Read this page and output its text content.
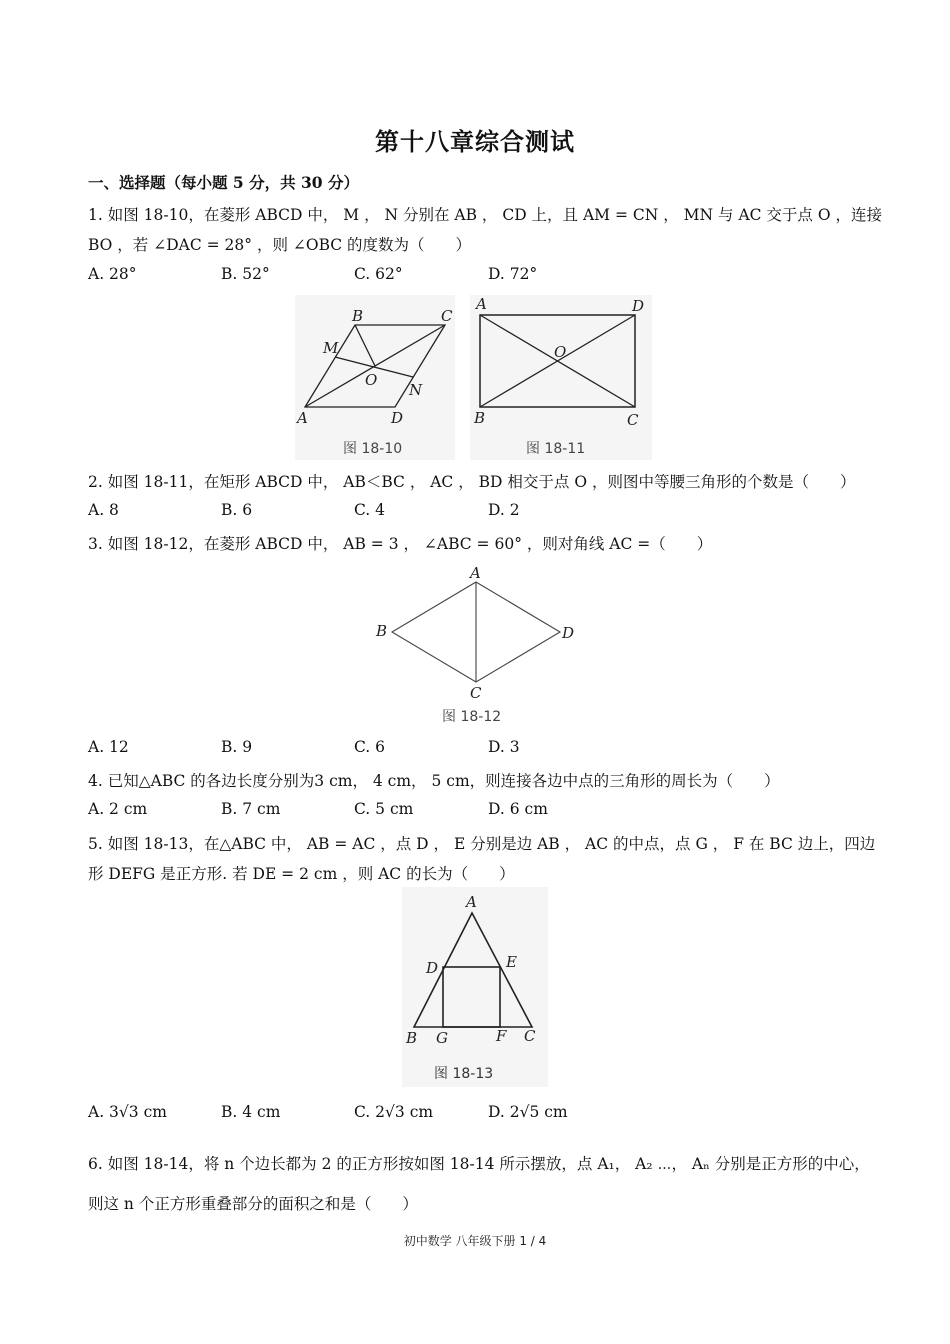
第十八章综合测试
一、选择题（每小题 5 分，共 30 分）
1. 如图 18-10，在菱形 ABCD 中， M ， N 分别在 AB ， CD 上，且 AM = CN ， MN 与 AC 交于点 O ，连接
BO ，若 ∠DAC = 28° ，则 ∠OBC 的度数为（　　）
A. 28°	B. 52°	C. 62°	D. 72°
B	C
M
O
N
A	D
图 18-10
A	D
O
B	C
图 18-11
2. 如图 18-11，在矩形 ABCD 中， AB＜BC ， AC ， BD 相交于点 O ，则图中等腰三角形的个数是（　　）
A. 8	B. 6	C. 4	D. 2
3. 如图 18-12，在菱形 ABCD 中， AB = 3 ， ∠ABC = 60° ，则对角线 AC =（　　）
A
B	D
C
图 18-12
A. 12	B. 9	C. 6	D. 3
4. 已知△ABC 的各边长度分别为3 cm， 4 cm， 5 cm，则连接各边中点的三角形的周长为（　　）
A. 2 cm	B. 7 cm	C. 5 cm	D. 6 cm
5. 如图 18-13，在△ABC 中， AB = AC ，点 D ， E 分别是边 AB ， AC 的中点，点 G ， F 在 BC 边上，四边
形 DEFG 是正方形. 若 DE = 2 cm ，则 AC 的长为（　　）
A
D	E
B G	F C
图 18-13
A. 3√3 cm	B. 4 cm	C. 2√3 cm	D. 2√5 cm
6. 如图 18-14，将 n 个边长都为 2 的正方形按如图 18-14 所示摆放，点 A₁， A₂ ⋯， Aₙ 分别是正方形的中心，
则这 n 个正方形重叠部分的面积之和是（　　）
初中数学 八年级下册 1 / 4
